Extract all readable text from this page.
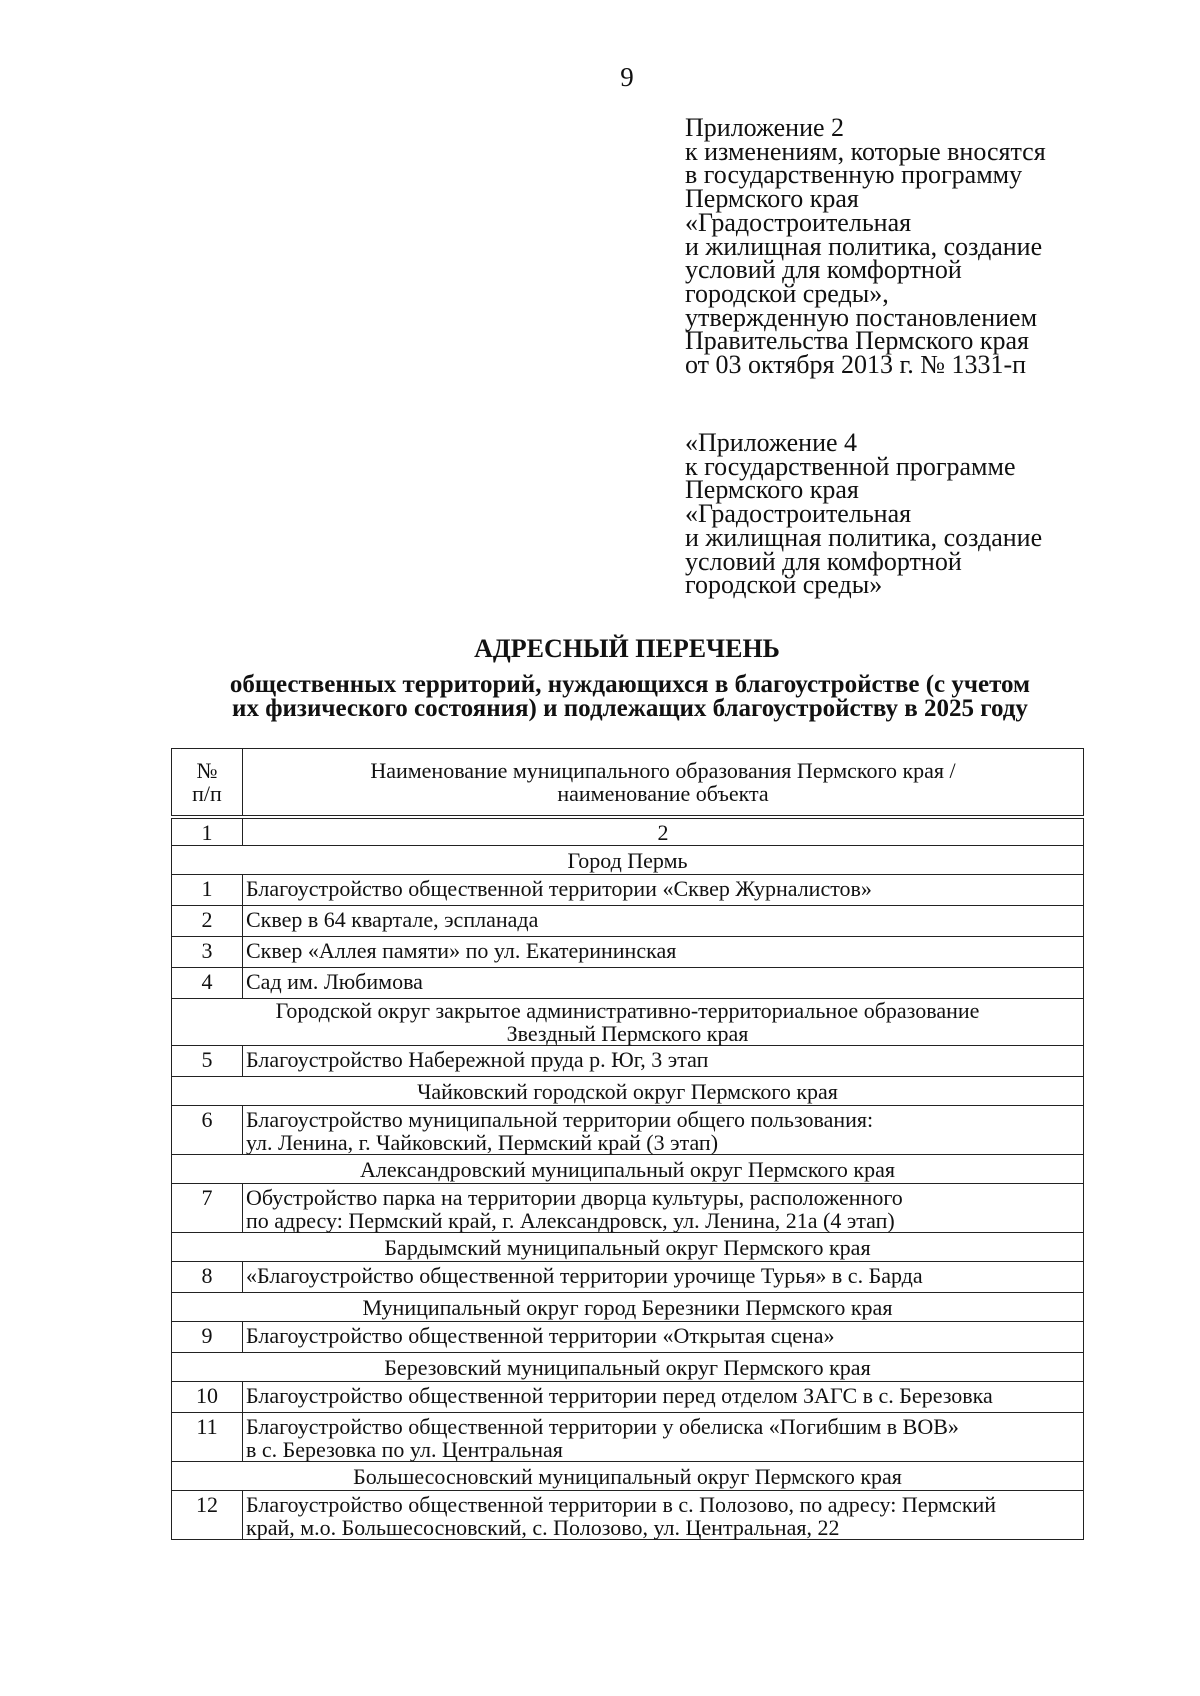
9
Приложение 2
к изменениям, которые вносятся
в государственную программу
Пермского края
«Градостроительная
и жилищная политика, создание
условий для комфортной
городской среды»,
утвержденную постановлением
Правительства Пермского края
от 03 октября 2013 г. № 1331-п
«Приложение 4
к государственной программе
Пермского края
«Градостроительная
и жилищная политика, создание
условий для комфортной
городской среды»
АДРЕСНЫЙ ПЕРЕЧЕНЬ
общественных территорий, нуждающихся в благоустройстве (с учетом
их физического состояния) и подлежащих благоустройству в 2025 году
№
п/п	Наименование муниципального образования Пермского края /
наименование объекта

1	2

Город Пермь	

1	Благоустройство общественной территории «Сквер Журналистов»

2	Сквер в 64 квартале, эспланада

3	Сквер «Аллея памяти» по ул. Екатерининская

4	Сад им. Любимова

Городской округ закрытое административно-территориальное образование
Звездный Пермского края	

5	Благоустройство Набережной пруда р. Юг, 3 этап

Чайковский городской округ Пермского края	

6	Благоустройство муниципальной территории общего пользования:
ул. Ленина, г. Чайковский, Пермский край (3 этап)

Александровский муниципальный округ Пермского края	

7	Обустройство парка на территории дворца культуры, расположенного
по адресу: Пермский край, г. Александровск, ул. Ленина, 21а (4 этап)

Бардымский муниципальный округ Пермского края	

8	«Благоустройство общественной территории урочище Турья» в с. Барда

Муниципальный округ город Березники Пермского края	

9	Благоустройство общественной территории «Открытая сцена»

Березовский муниципальный округ Пермского края	

10	Благоустройство общественной территории перед отделом ЗАГС в с. Березовка

11	Благоустройство общественной территории у обелиска «Погибшим в ВОВ»
в с. Березовка по ул. Центральная

Большесосновский муниципальный округ Пермского края	

12	Благоустройство общественной территории в с. Полозово, по адресу: Пермский
край, м.о. Большесосновский, с. Полозово, ул. Центральная, 22
